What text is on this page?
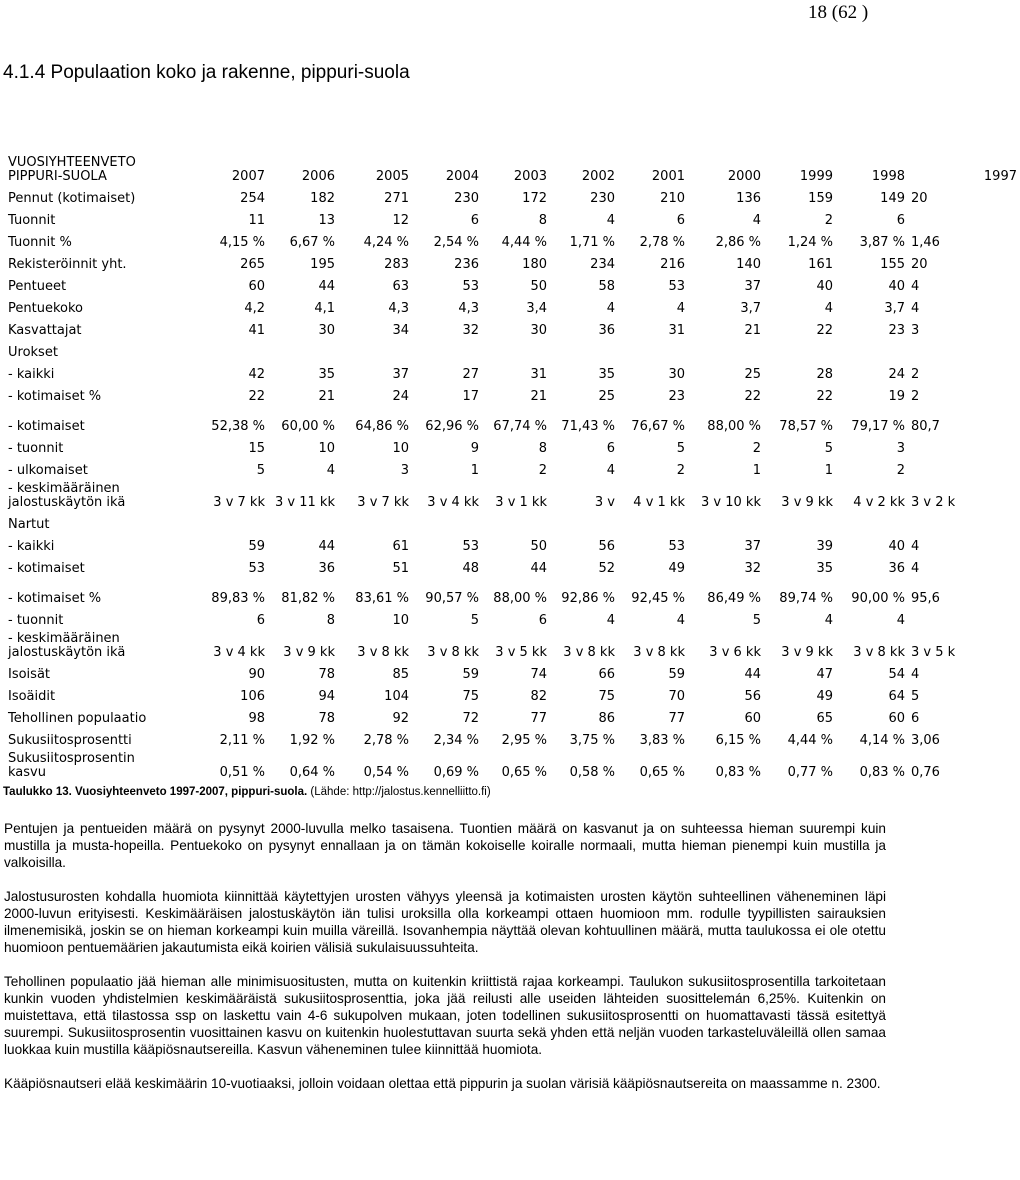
18 (62 )
4.1.4 Populaation koko ja rakenne, pippuri-suola
VUOSIYHTEENVETO PIPPURI-SUOLA	2007	2006	2005	2004	2003	2002	2001	2000	1999	1998	1997
Pennut (kotimaiset)	254	182	271	230	172	230	210	136	159	149	20
Tuonnit	11	13	12	6	8	4	6	4	2	6	
Tuonnit %	4,15 %	6,67 %	4,24 %	2,54 %	4,44 %	1,71 %	2,78 %	2,86 %	1,24 %	3,87 %	1,46
Rekisteröinnit yht.	265	195	283	236	180	234	216	140	161	155	20
Pentueet	60	44	63	53	50	58	53	37	40	40	4
Pentuekoko	4,2	4,1	4,3	4,3	3,4	4	4	3,7	4	3,7	4
Kasvattajat	41	30	34	32	30	36	31	21	22	23	3
Urokset											
- kaikki	42	35	37	27	31	35	30	25	28	24	2
- kotimaiset %	22	21	24	17	21	25	23	22	22	19	2
- kotimaiset	52,38 %	60,00 %	64,86 %	62,96 %	67,74 %	71,43 %	76,67 %	88,00 %	78,57 %	79,17 %	80,7
- tuonnit	15	10	10	9	8	6	5	2	5	3	
- ulkomaiset	5	4	3	1	2	4	2	1	1	2	
- keskimääräinen jalostuskäytön ikä	3 v 7 kk	3 v 11 kk	3 v 7 kk	3 v 4 kk	3 v 1 kk	3 v	4 v 1 kk	3 v 10 kk	3 v 9 kk	4 v 2 kk	3 v 2 k
Nartut											
- kaikki	59	44	61	53	50	56	53	37	39	40	4
- kotimaiset	53	36	51	48	44	52	49	32	35	36	4
- kotimaiset %	89,83 %	81,82 %	83,61 %	90,57 %	88,00 %	92,86 %	92,45 %	86,49 %	89,74 %	90,00 %	95,6
- tuonnit	6	8	10	5	6	4	4	5	4	4	
- keskimääräinen jalostuskäytön ikä	3 v 4 kk	3 v 9 kk	3 v 8 kk	3 v 8 kk	3 v 5 kk	3 v 8 kk	3 v 8 kk	3 v 6 kk	3 v 9 kk	3 v 8 kk	3 v 5 k
Isoisät	90	78	85	59	74	66	59	44	47	54	4
Isoäidit	106	94	104	75	82	75	70	56	49	64	5
Tehollinen populaatio	98	78	92	72	77	86	77	60	65	60	6
Sukusiitosprosentti	2,11 %	1,92 %	2,78 %	2,34 %	2,95 %	3,75 %	3,83 %	6,15 %	4,44 %	4,14 %	3,06
Sukusiitosprosentin kasvu	0,51 %	0,64 %	0,54 %	0,69 %	0,65 %	0,58 %	0,65 %	0,83 %	0,77 %	0,83 %	0,76
Taulukko 13. Vuosiyhteenveto 1997-2007, pippuri-suola. (Lähde: http://jalostus.kennelliitto.fi)

Pentujen ja pentueiden määrä on pysynyt 2000-luvulla melko tasaisena. Tuontien määrä on kasvanut ja on suhteessa hieman suurempi kuin mustilla ja musta-hopeilla. Pentuekoko on pysynyt ennallaan ja on tämän kokoiselle koiralle normaali, mutta hieman pienempi kuin mustilla ja valkoisilla.

Jalostusurosten kohdalla huomiota kiinnittää käytettyjen urosten vähyys yleensä ja kotimaisten urosten käytön suhteellinen väheneminen läpi 2000-luvun erityisesti. Keskimääräisen jalostuskäytön iän tulisi uroksilla olla korkeampi ottaen huomioon mm. rodulle tyypillisten sairauksien ilmenemisikä, joskin se on hieman korkeampi kuin muilla väreillä. Isovanhempia näyttää olevan kohtuullinen määrä, mutta taulukossa ei ole otettu huomioon pentuemäärien jakautumista eikä koirien välisiä sukulaisuussuhteita.

Tehollinen populaatio jää hieman alle minimisuositusten, mutta on kuitenkin kriittistä rajaa korkeampi. Taulukon sukusiitosprosentilla tarkoitetaan kunkin vuoden yhdistelmien keskimääräistä sukusiitosprosenttia, joka jää reilusti alle useiden lähteiden suosittelemán 6,25%. Kuitenkin on muistettava, että tilastossa ssp on laskettu vain 4-6 sukupolven mukaan, joten todellinen sukusiitosprosentti on huomattavasti tässä esitettyä suurempi. Sukusiitosprosentin vuosittainen kasvu on kuitenkin huolestuttavan suurta sekä yhden että neljän vuoden tarkasteluväleillä ollen samaa luokkaa kuin mustilla kääpiösnautsereilla. Kasvun väheneminen tulee kiinnittää huomiota.

Kääpiösnautseri elää keskimäärin 10-vuotiaaksi, jolloin voidaan olettaa että pippurin ja suolan värisiä kääpiösnautsereita on maassamme n. 2300.
